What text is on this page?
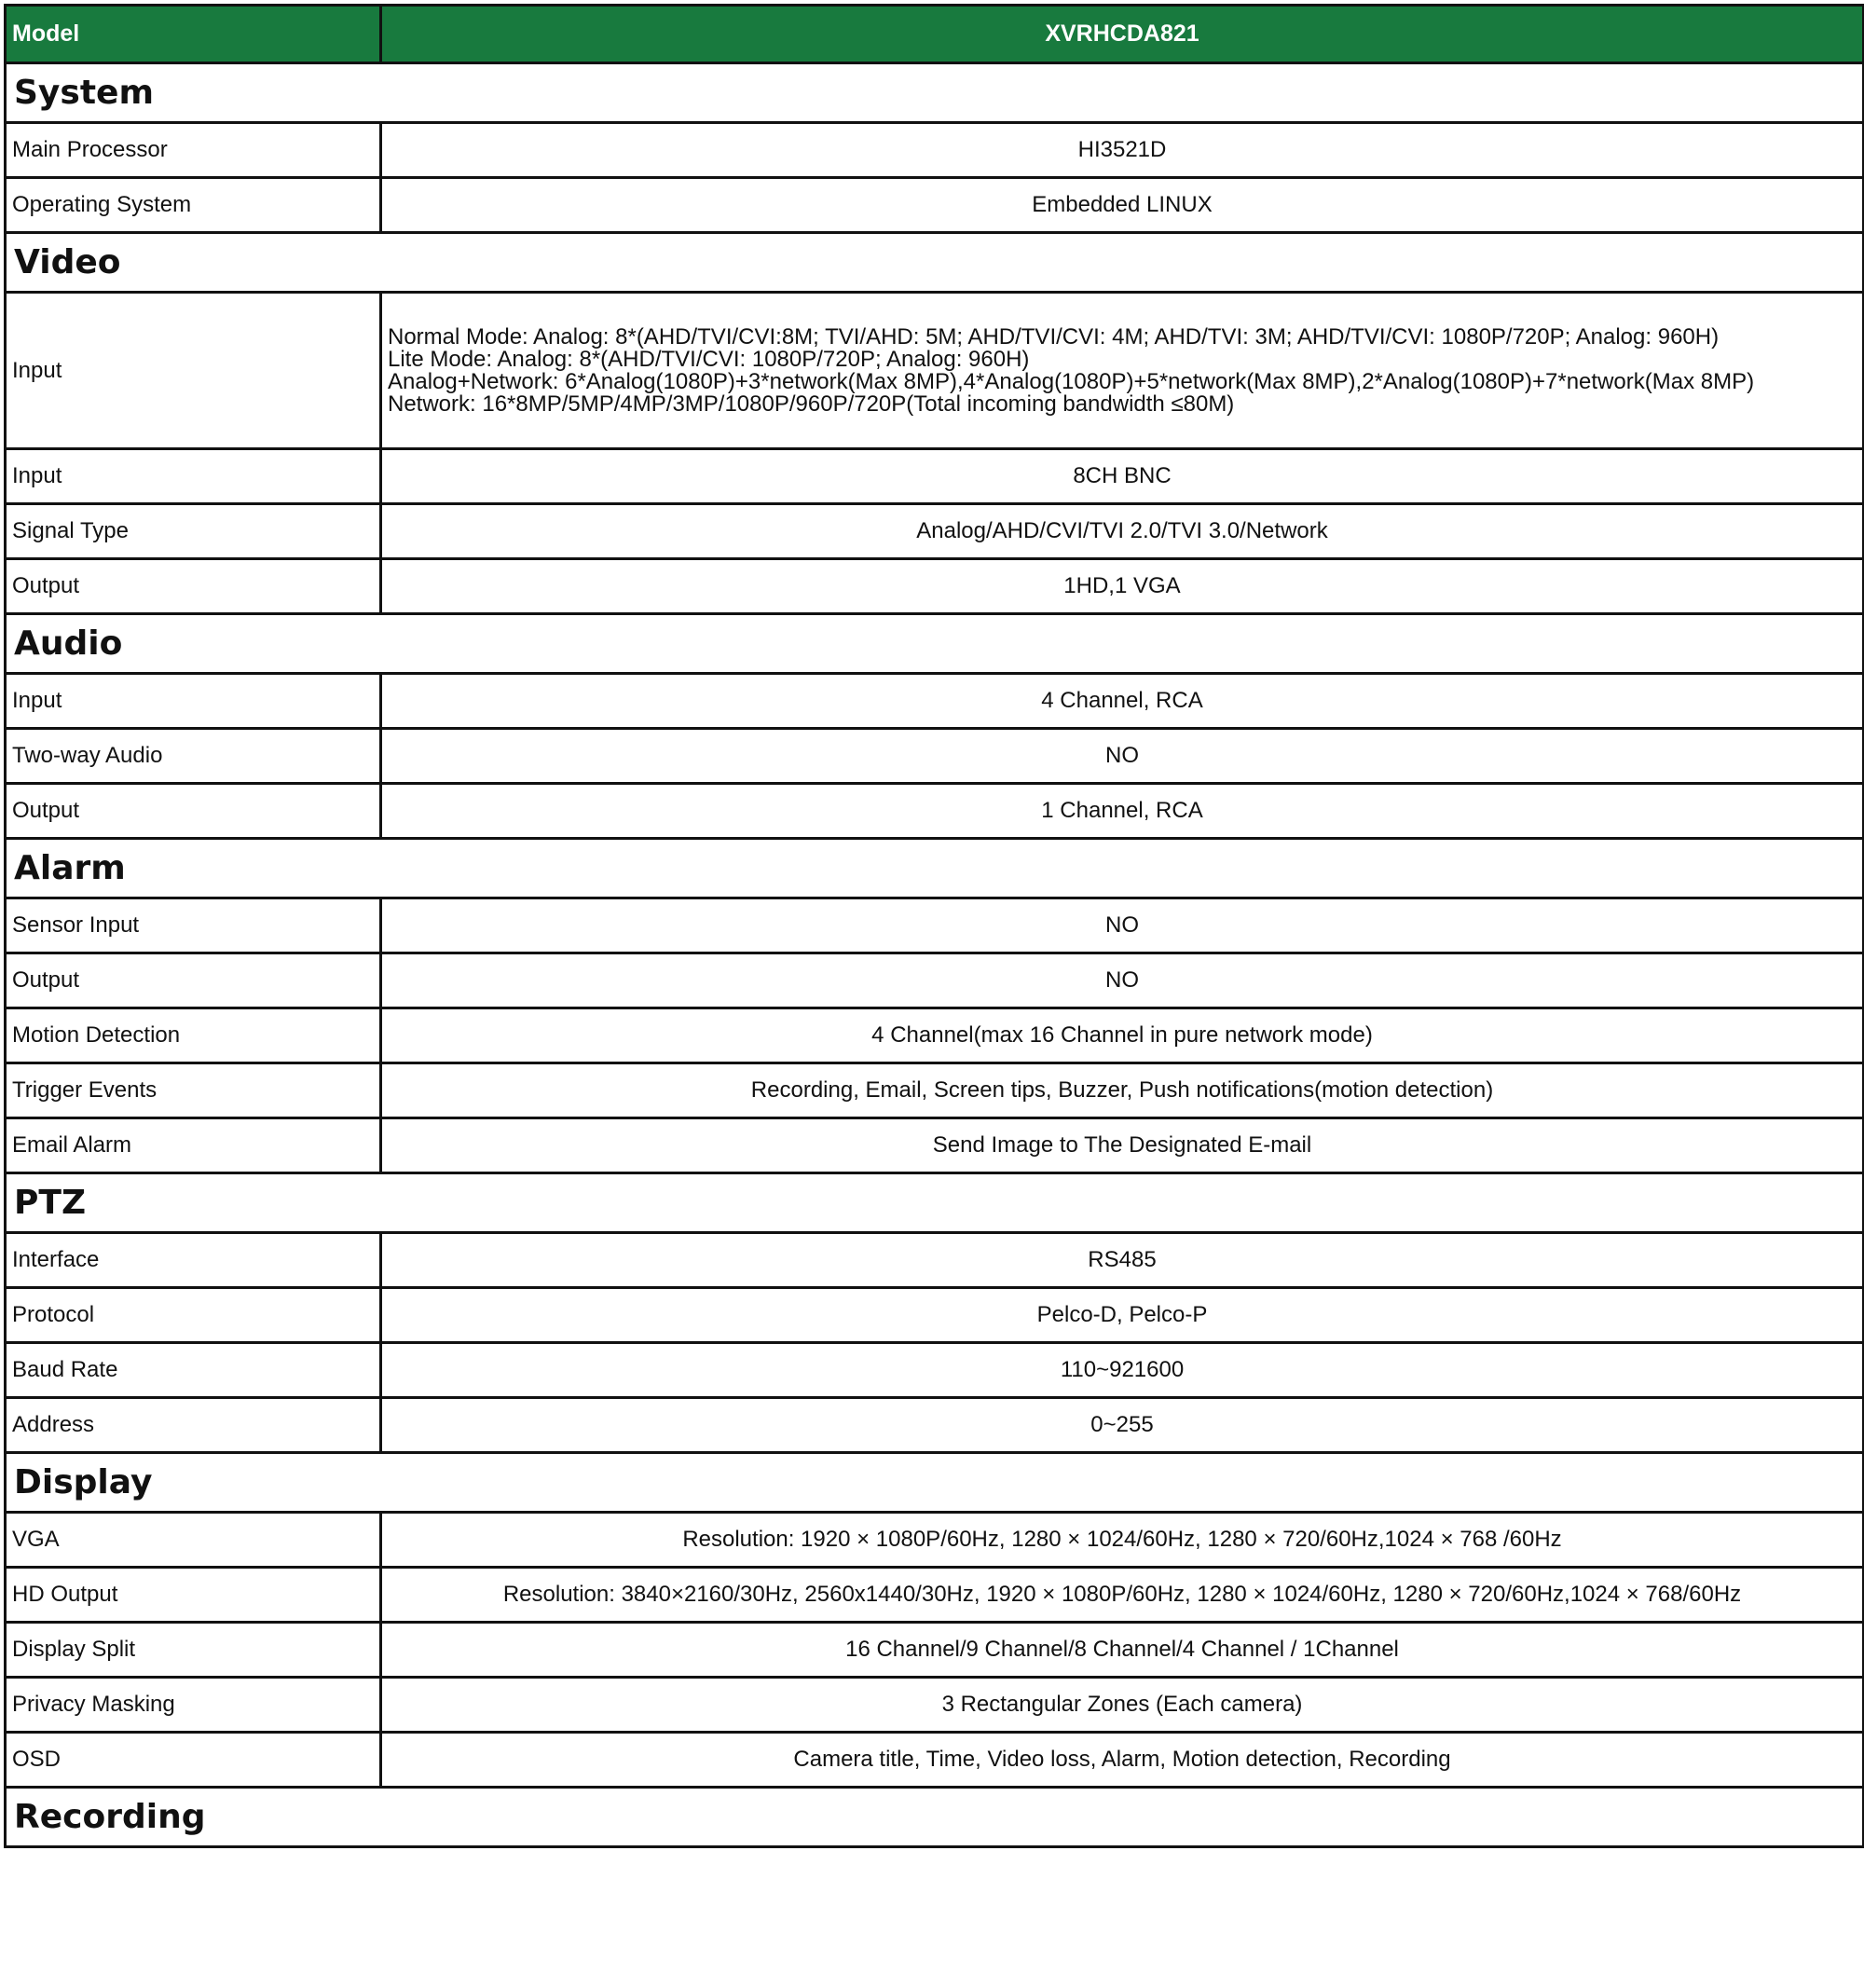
Model	XVRHCDA821
System	
Main Processor	HI3521D
Operating System	Embedded LINUX
Video	
Input	Normal Mode: Analog: 8*(AHD/TVI/CVI:8M; TVI/AHD: 5M; AHD/TVI/CVI: 4M; AHD/TVI: 3M; AHD/TVI/CVI: 1080P/720P; Analog: 960H)
Lite Mode: Analog: 8*(AHD/TVI/CVI: 1080P/720P; Analog: 960H)
Analog+Network: 6*Analog(1080P)+3*network(Max 8MP),4*Analog(1080P)+5*network(Max 8MP),2*Analog(1080P)+7*network(Max 8MP)
Network: 16*8MP/5MP/4MP/3MP/1080P/960P/720P(Total incoming bandwidth ≤80M)

Input	8CH BNC
Signal Type	Analog/AHD/CVI/TVI 2.0/TVI 3.0/Network
Output	1HD,1 VGA
Audio	
Input	4 Channel, RCA
Two-way Audio	NO
Output	1 Channel, RCA
Alarm	
Sensor Input	NO
Output	NO
Motion Detection	4 Channel(max 16 Channel in pure network mode)
Trigger Events	Recording, Email, Screen tips, Buzzer, Push notifications(motion detection)
Email Alarm	Send Image to The Designated E-mail
PTZ	
Interface	RS485
Protocol	Pelco-D, Pelco-P
Baud Rate	110~921600
Address	0~255
Display	
VGA	Resolution: 1920 × 1080P/60Hz, 1280 × 1024/60Hz, 1280 × 720/60Hz,1024 × 768 /60Hz
HD Output	Resolution: 3840×2160/30Hz, 2560x1440/30Hz, 1920 × 1080P/60Hz, 1280 × 1024/60Hz, 1280 × 720/60Hz,1024 × 768/60Hz
Display Split	16 Channel/9 Channel/8 Channel/4 Channel / 1Channel
Privacy Masking	3 Rectangular Zones (Each camera)
OSD	Camera title, Time, Video loss, Alarm, Motion detection, Recording
Recording	
